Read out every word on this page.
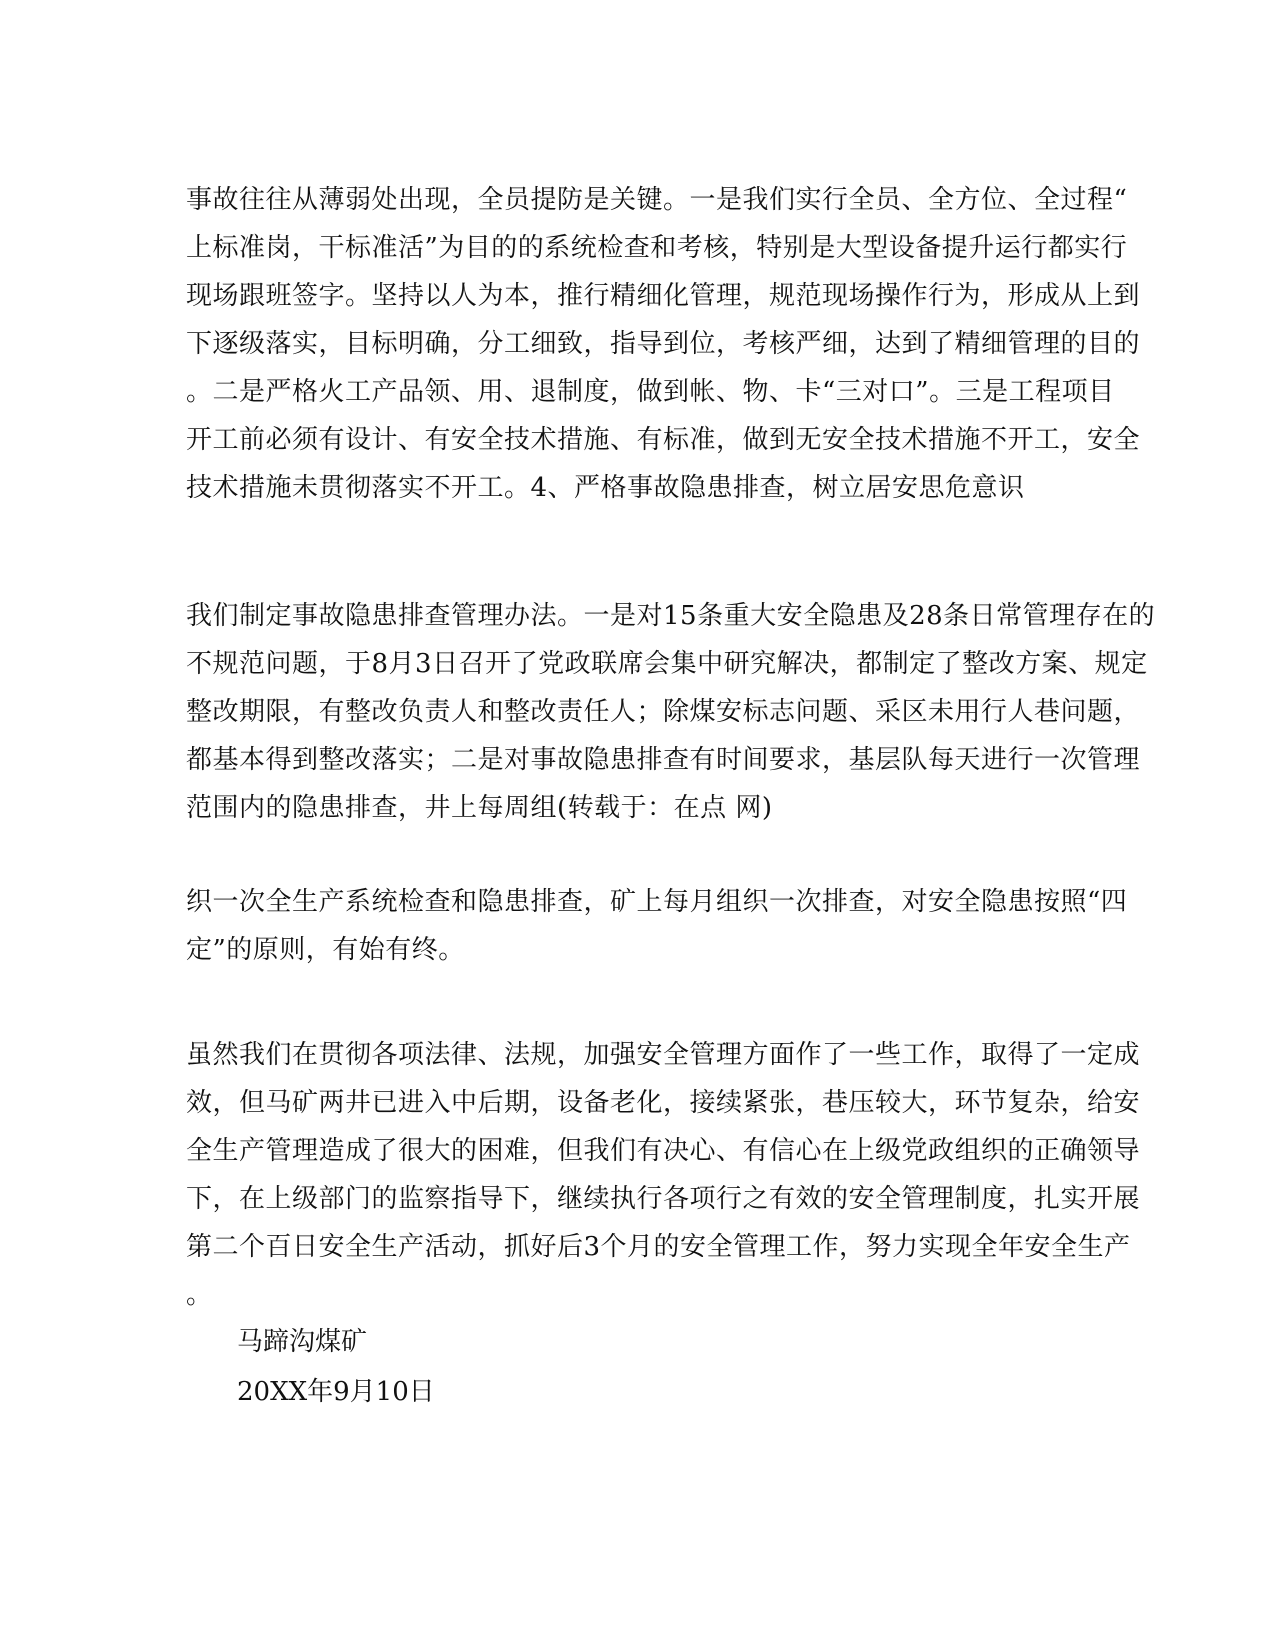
事故往往从薄弱处出现，全员提防是关键。一是我们实行全员、全方位、全过程“
上标准岗，干标准活”为目的的系统检查和考核，特别是大型设备提升运行都实行
现场跟班签字。坚持以人为本，推行精细化管理，规范现场操作行为，形成从上到
下逐级落实，目标明确，分工细致，指导到位，考核严细，达到了精细管理的目的
。二是严格火工产品领、用、退制度，做到帐、物、卡“三对口”。三是工程项目
开工前必须有设计、有安全技术措施、有标准，做到无安全技术措施不开工，安全
技术措施未贯彻落实不开工。4、严格事故隐患排查，树立居安思危意识
我们制定事故隐患排查管理办法。一是对15条重大安全隐患及28条日常管理存在的
不规范问题，于8月3日召开了党政联席会集中研究解决，都制定了整改方案、规定
整改期限，有整改负责人和整改责任人；除煤安标志问题、采区未用行人巷问题，
都基本得到整改落实；二是对事故隐患排查有时间要求，基层队每天进行一次管理
范围内的隐患排查，井上每周组(转载于：在点 网)
织一次全生产系统检查和隐患排查，矿上每月组织一次排查，对安全隐患按照“四
定”的原则，有始有终。
虽然我们在贯彻各项法律、法规，加强安全管理方面作了一些工作，取得了一定成
效，但马矿两井已进入中后期，设备老化，接续紧张，巷压较大，环节复杂，给安
全生产管理造成了很大的困难，但我们有决心、有信心在上级党政组织的正确领导
下，在上级部门的监察指导下，继续执行各项行之有效的安全管理制度，扎实开展
第二个百日安全生产活动，抓好后3个月的安全管理工作，努力实现全年安全生产
。
马蹄沟煤矿
20XX年9月10日
